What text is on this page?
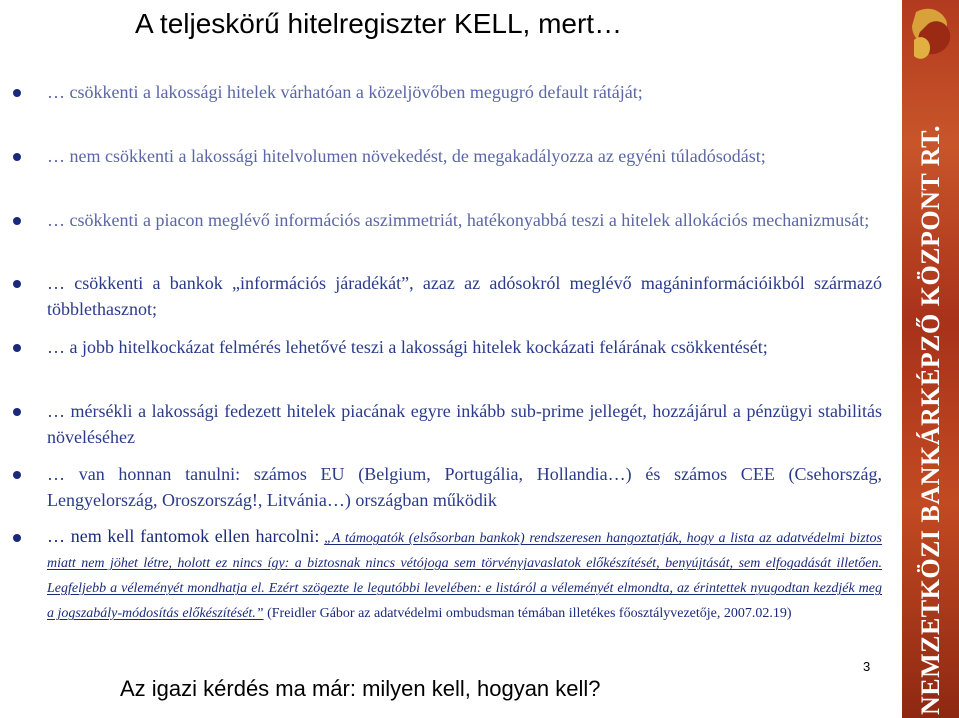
A teljeskörű hitelregiszter KELL, mert…
… csökkenti a lakossági hitelek várhatóan a közeljövőben megugró default rátáját;
… nem csökkenti a lakossági hitelvolumen növekedést, de megakadályozza az egyéni túladósodást;
… csökkenti a piacon meglévő információs aszimmetriát, hatékonyabbá teszi a hitelek allokációs mechanizmusát;
… csökkenti a bankok „információs járadékát”, azaz az adósokról meglévő magáninformációikból származó többlethasznot;
… a jobb hitelkockázat felmérés lehetővé teszi a lakossági hitelek kockázati felárának csökkentését;
… mérsékli a lakossági fedezett hitelek piacának egyre inkább sub-prime jellegét, hozzájárul a pénzügyi stabilitás növeléséhez
… van honnan tanulni: számos EU (Belgium, Portugália, Hollandia…) és számos CEE (Csehország, Lengyelország, Oroszország!, Litvánia…) országban működik
… nem kell fantomok ellen harcolni: „A támogatók (elsősorban bankok) rendszeresen hangoztatják, hogy a lista az adatvédelmi biztos miatt nem jöhet létre, holott ez nincs így: a biztosnak nincs vétójoga sem törvényjavaslatok előkészítését, benyújtását, sem elfogadását illetően. Legfeljebb a véleményét mondhatja el. Ezért szögezte le legutóbbi levelében: e listáról a véleményét elmondta, az érintettek nyugodtan kezdjék meg a jogszabály-módosítás előkészítését.” (Freidler Gábor az adatvédelmi ombudsman témában illetékes főosztályvezetője, 2007.02.19)
3
Az igazi kérdés ma már: milyen kell, hogyan kell?	NEMZETKÖZI BANKÁRKÉPZŐ KÖZPONT RT.
